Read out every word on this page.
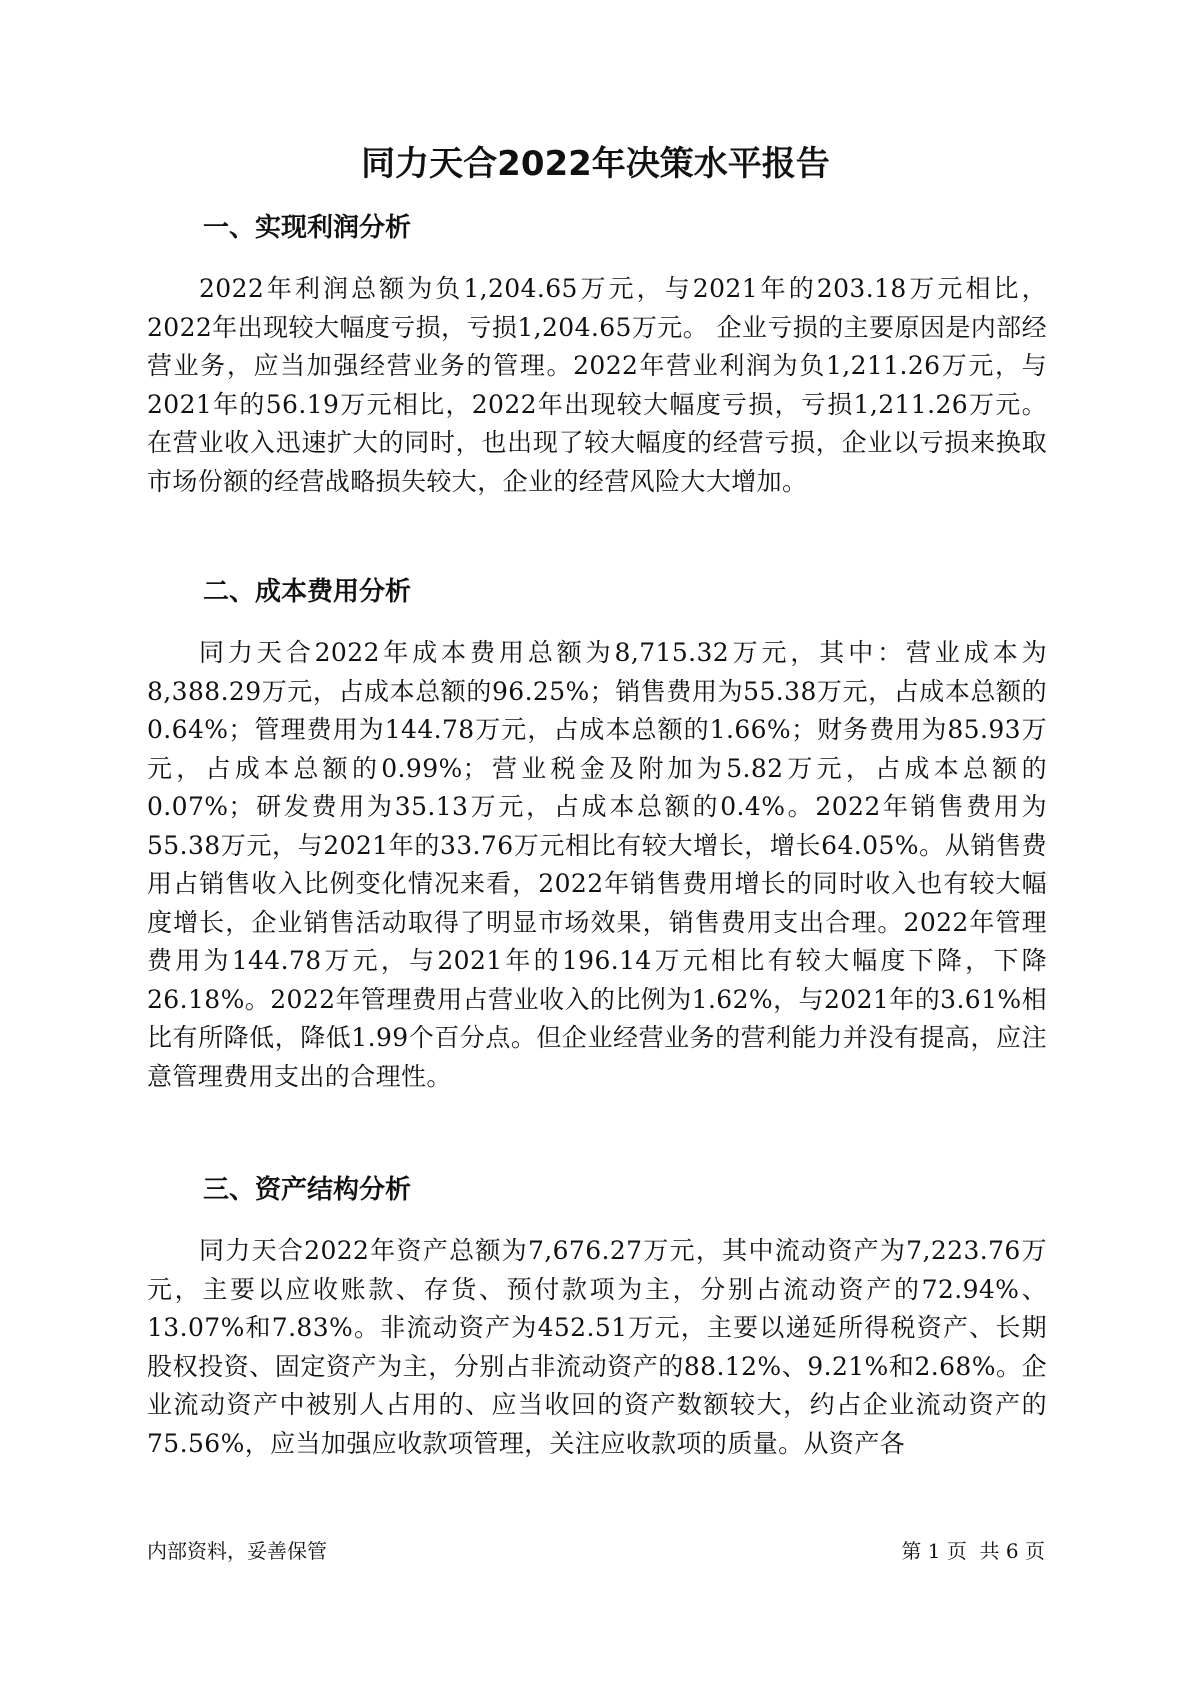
同力天合2022年决策水平报告
一、实现利润分析

2022年利润总额为负1,204.65万元，与2021年的203.18万元相比，2022年出现较大幅度亏损，亏损1,204.65万元。 企业亏损的主要原因是内部经营业务，应当加强经营业务的管理。2022年营业利润为负1,211.26万元，与2021年的56.19万元相比，2022年出现较大幅度亏损，亏损1,211.26万元。在营业收入迅速扩大的同时，也出现了较大幅度的经营亏损，企业以亏损来换取市场份额的经营战略损失较大，企业的经营风险大大增加。

二、成本费用分析

同力天合2022年成本费用总额为8,715.32万元，其中：营业成本为8,388.29万元，占成本总额的96.25%；销售费用为55.38万元，占成本总额的0.64%；管理费用为144.78万元，占成本总额的1.66%；财务费用为85.93万元，占成本总额的0.99%；营业税金及附加为5.82万元，占成本总额的0.07%；研发费用为35.13万元，占成本总额的0.4%。2022年销售费用为55.38万元，与2021年的33.76万元相比有较大增长，增长64.05%。从销售费用占销售收入比例变化情况来看，2022年销售费用增长的同时收入也有较大幅度增长，企业销售活动取得了明显市场效果，销售费用支出合理。2022年管理费用为144.78万元，与2021年的196.14万元相比有较大幅度下降，下降26.18%。2022年管理费用占营业收入的比例为1.62%，与2021年的3.61%相比有所降低，降低1.99个百分点。但企业经营业务的营利能力并没有提高，应注意管理费用支出的合理性。

三、资产结构分析

同力天合2022年资产总额为7,676.27万元，其中流动资产为7,223.76万元，主要以应收账款、存货、预付款项为主，分别占流动资产的72.94%、13.07%和7.83%。非流动资产为452.51万元，主要以递延所得税资产、长期股权投资、固定资产为主，分别占非流动资产的88.12%、9.21%和2.68%。企业流动资产中被别人占用的、应当收回的资产数额较大，约占企业流动资产的75.56%，应当加强应收款项管理，关注应收款项的质量。从资产各

内部资料，妥善保管	第 1 页  共 6 页
